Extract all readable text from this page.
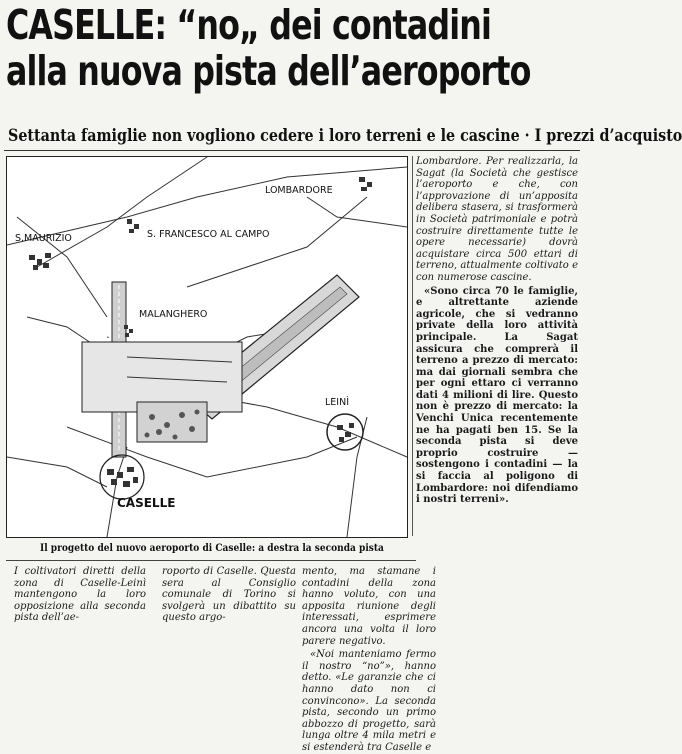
CASELLE: “no„ dei contadini
alla nuova pista dell’aeroporto
Settanta famiglie non vogliono cedere i loro terreni e le cascine · I prezzi d’acquisto
LOMBARDORE
S.MAURIZIO	S. FRANCESCO AL CAMPO
MALANGHERO
LEINÌ
CASELLE
Lombardore. Per realizzarla, la Sagat (la Società che gestisce l’aeroporto e che, con l’approvazione di un’apposita delibera stasera, si trasformerà in Società patrimoniale e potrà costruire direttamente tutte le opere necessarie) dovrà acquistare circa 500 ettari di terreno, attualmente coltivato e con numerose cascine.
«Sono circa 70 le famiglie, e altrettante aziende agricole, che si vedranno private della loro attività principale. La Sagat assicura che comprerà il terreno a prezzo di mercato: ma dai giornali sembra che per ogni ettaro ci verranno dati 4 milioni di lire. Questo non è prezzo di mercato: la Venchi Unica recentemente ne ha pagati ben 15. Se la seconda pista si deve proprio costruire — sostengono i contadini — la si faccia al poligono di Lombardore: noi difendiamo i nostri terreni».
Il progetto del nuovo aeroporto di Caselle: a destra la seconda pista
I coltivatori diretti della zona di Caselle-Leinì mantengono la loro opposizione alla seconda pista dell’ae-
roporto di Caselle. Questa sera al Consiglio comunale di Torino si svolgerà un dibattito su questo argo-
mento, ma stamane i contadini della zona hanno voluto, con una apposita riunione degli interessati, esprimere ancora una volta il loro parere negativo.
«Noi manteniamo fermo il nostro “no”», hanno detto. «Le garanzie che ci hanno dato non ci convincono». La seconda pista, secondo un primo abbozzo di progetto, sarà lunga oltre 4 mila metri e si estenderà tra Caselle e
